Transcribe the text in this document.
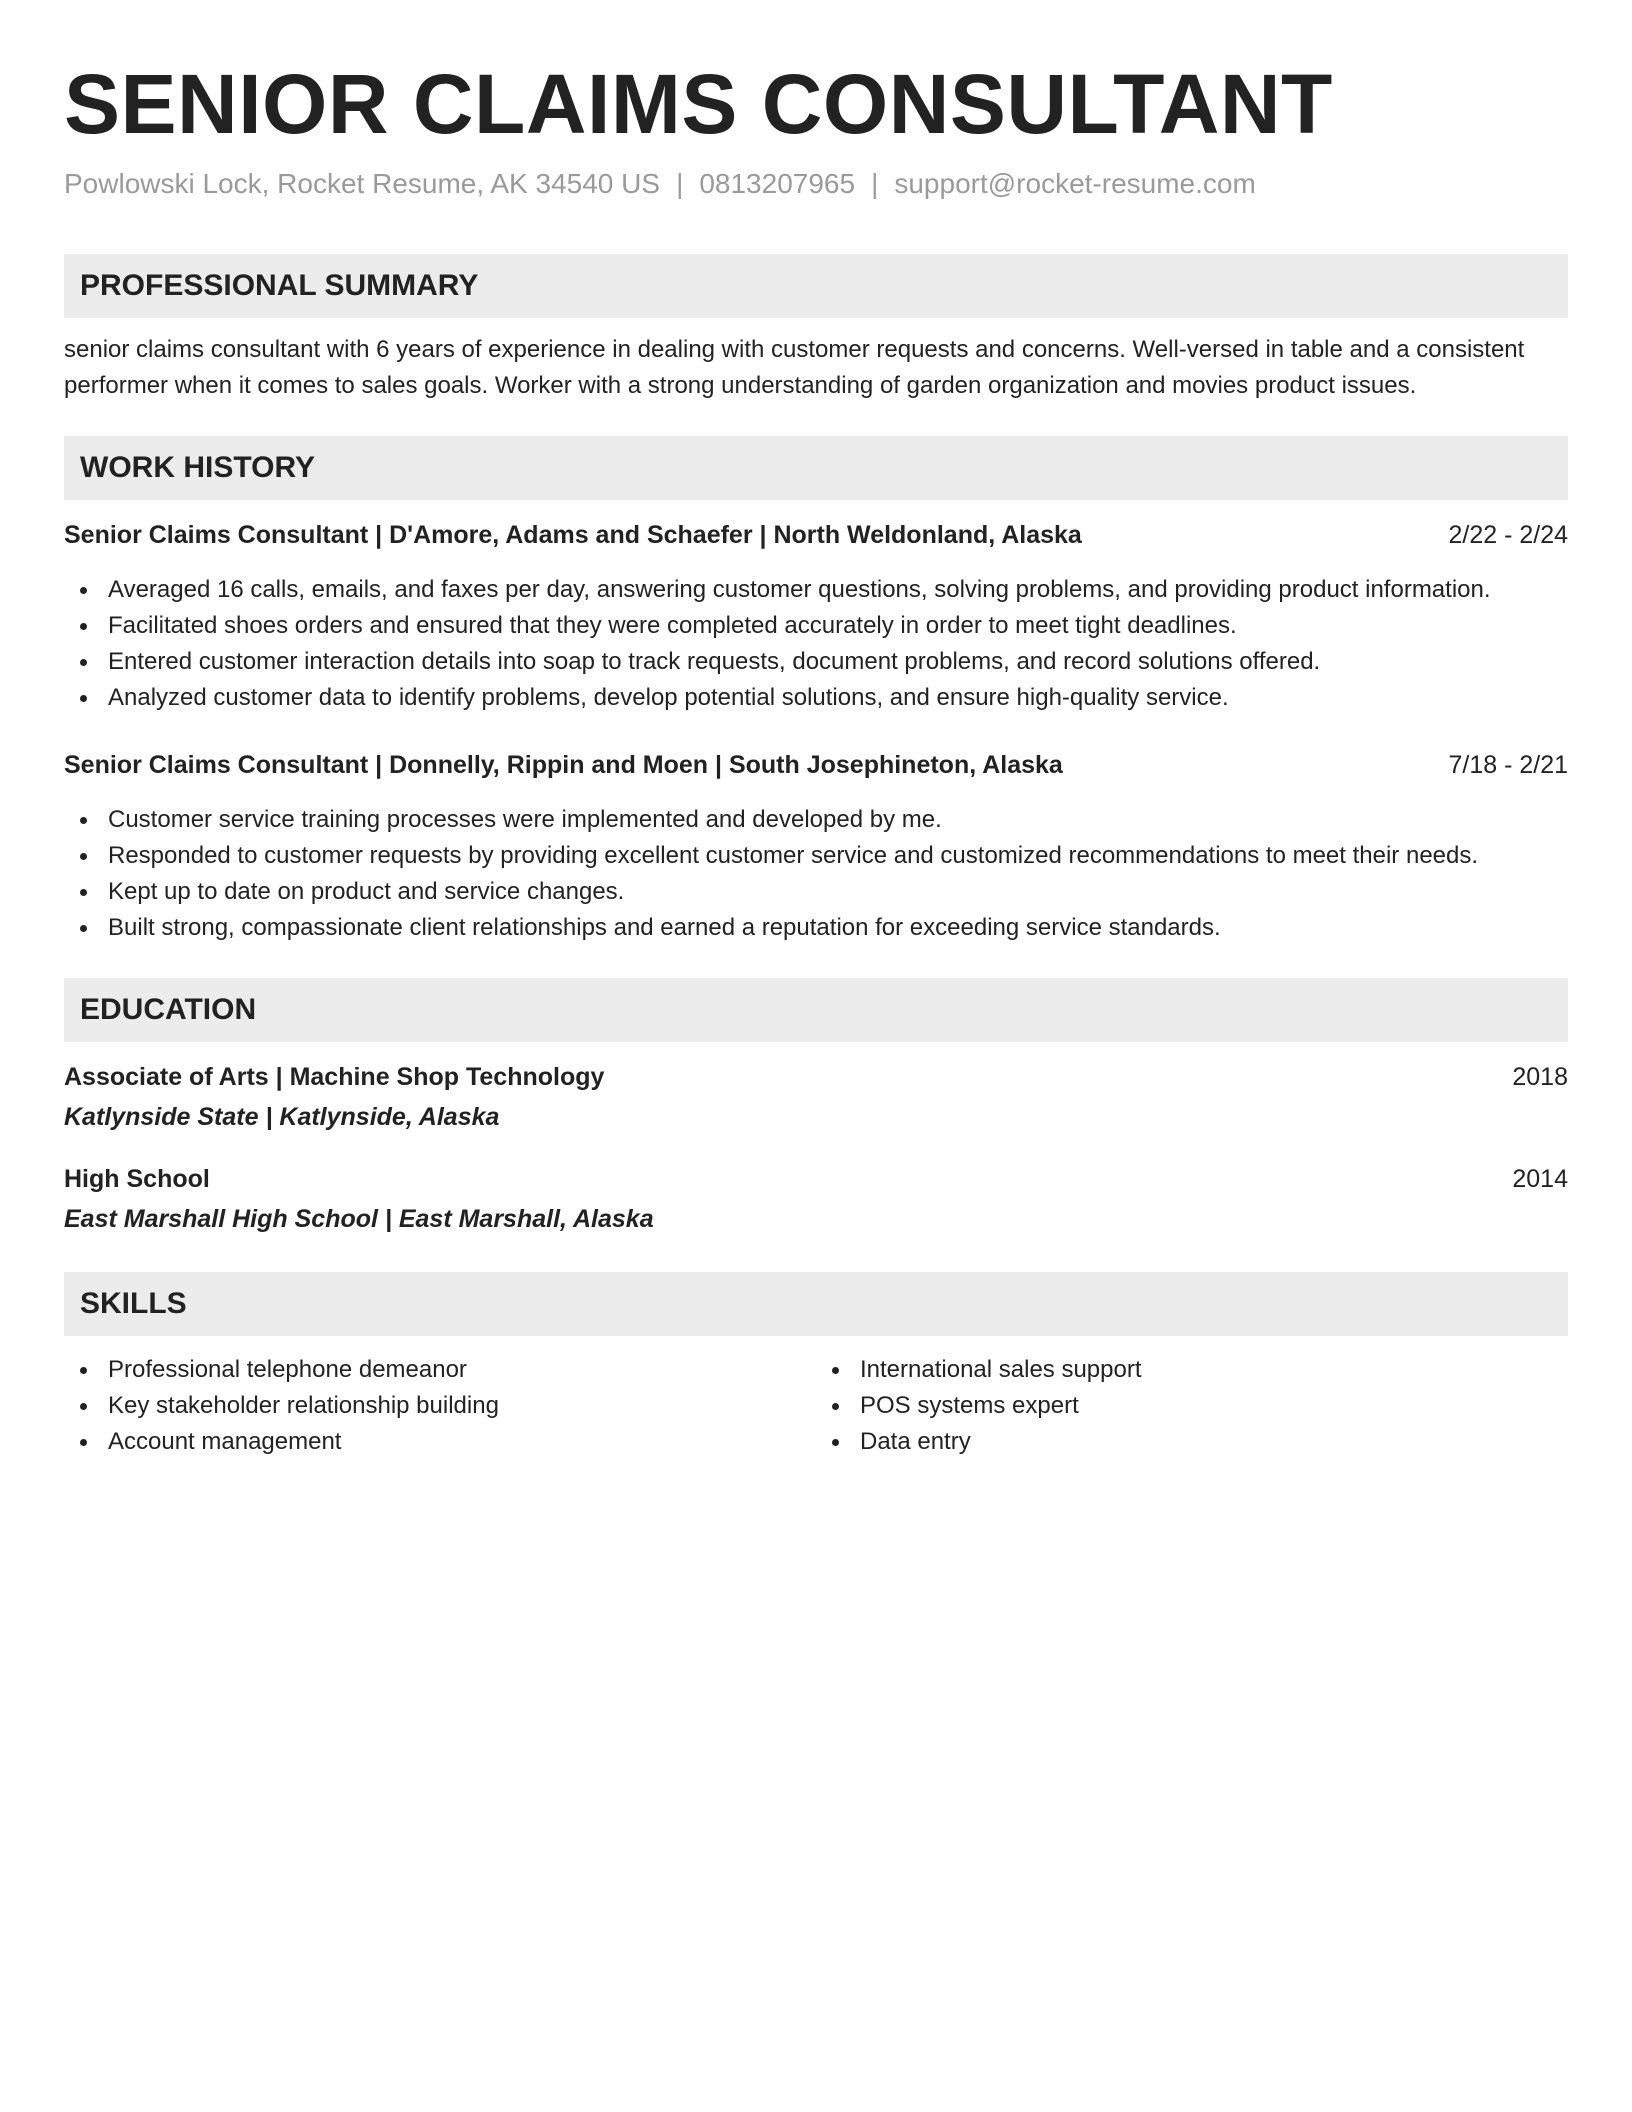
SENIOR CLAIMS CONSULTANT
Powlowski Lock, Rocket Resume, AK 34540 US | 0813207965 | support@rocket-resume.com
PROFESSIONAL SUMMARY
senior claims consultant with 6 years of experience in dealing with customer requests and concerns. Well-versed in table and a consistent performer when it comes to sales goals. Worker with a strong understanding of garden organization and movies product issues.
WORK HISTORY
Senior Claims Consultant | D'Amore, Adams and Schaefer | North Weldonland, Alaska	2/22 - 2/24
Averaged 16 calls, emails, and faxes per day, answering customer questions, solving problems, and providing product information.
Facilitated shoes orders and ensured that they were completed accurately in order to meet tight deadlines.
Entered customer interaction details into soap to track requests, document problems, and record solutions offered.
Analyzed customer data to identify problems, develop potential solutions, and ensure high-quality service.
Senior Claims Consultant | Donnelly, Rippin and Moen | South Josephineton, Alaska	7/18 - 2/21
Customer service training processes were implemented and developed by me.
Responded to customer requests by providing excellent customer service and customized recommendations to meet their needs.
Kept up to date on product and service changes.
Built strong, compassionate client relationships and earned a reputation for exceeding service standards.
EDUCATION
Associate of Arts | Machine Shop Technology	2018
Katlynside State | Katlynside, Alaska
High School	2014
East Marshall High School | East Marshall, Alaska
SKILLS
Professional telephone demeanor
Key stakeholder relationship building
Account management
International sales support
POS systems expert
Data entry
